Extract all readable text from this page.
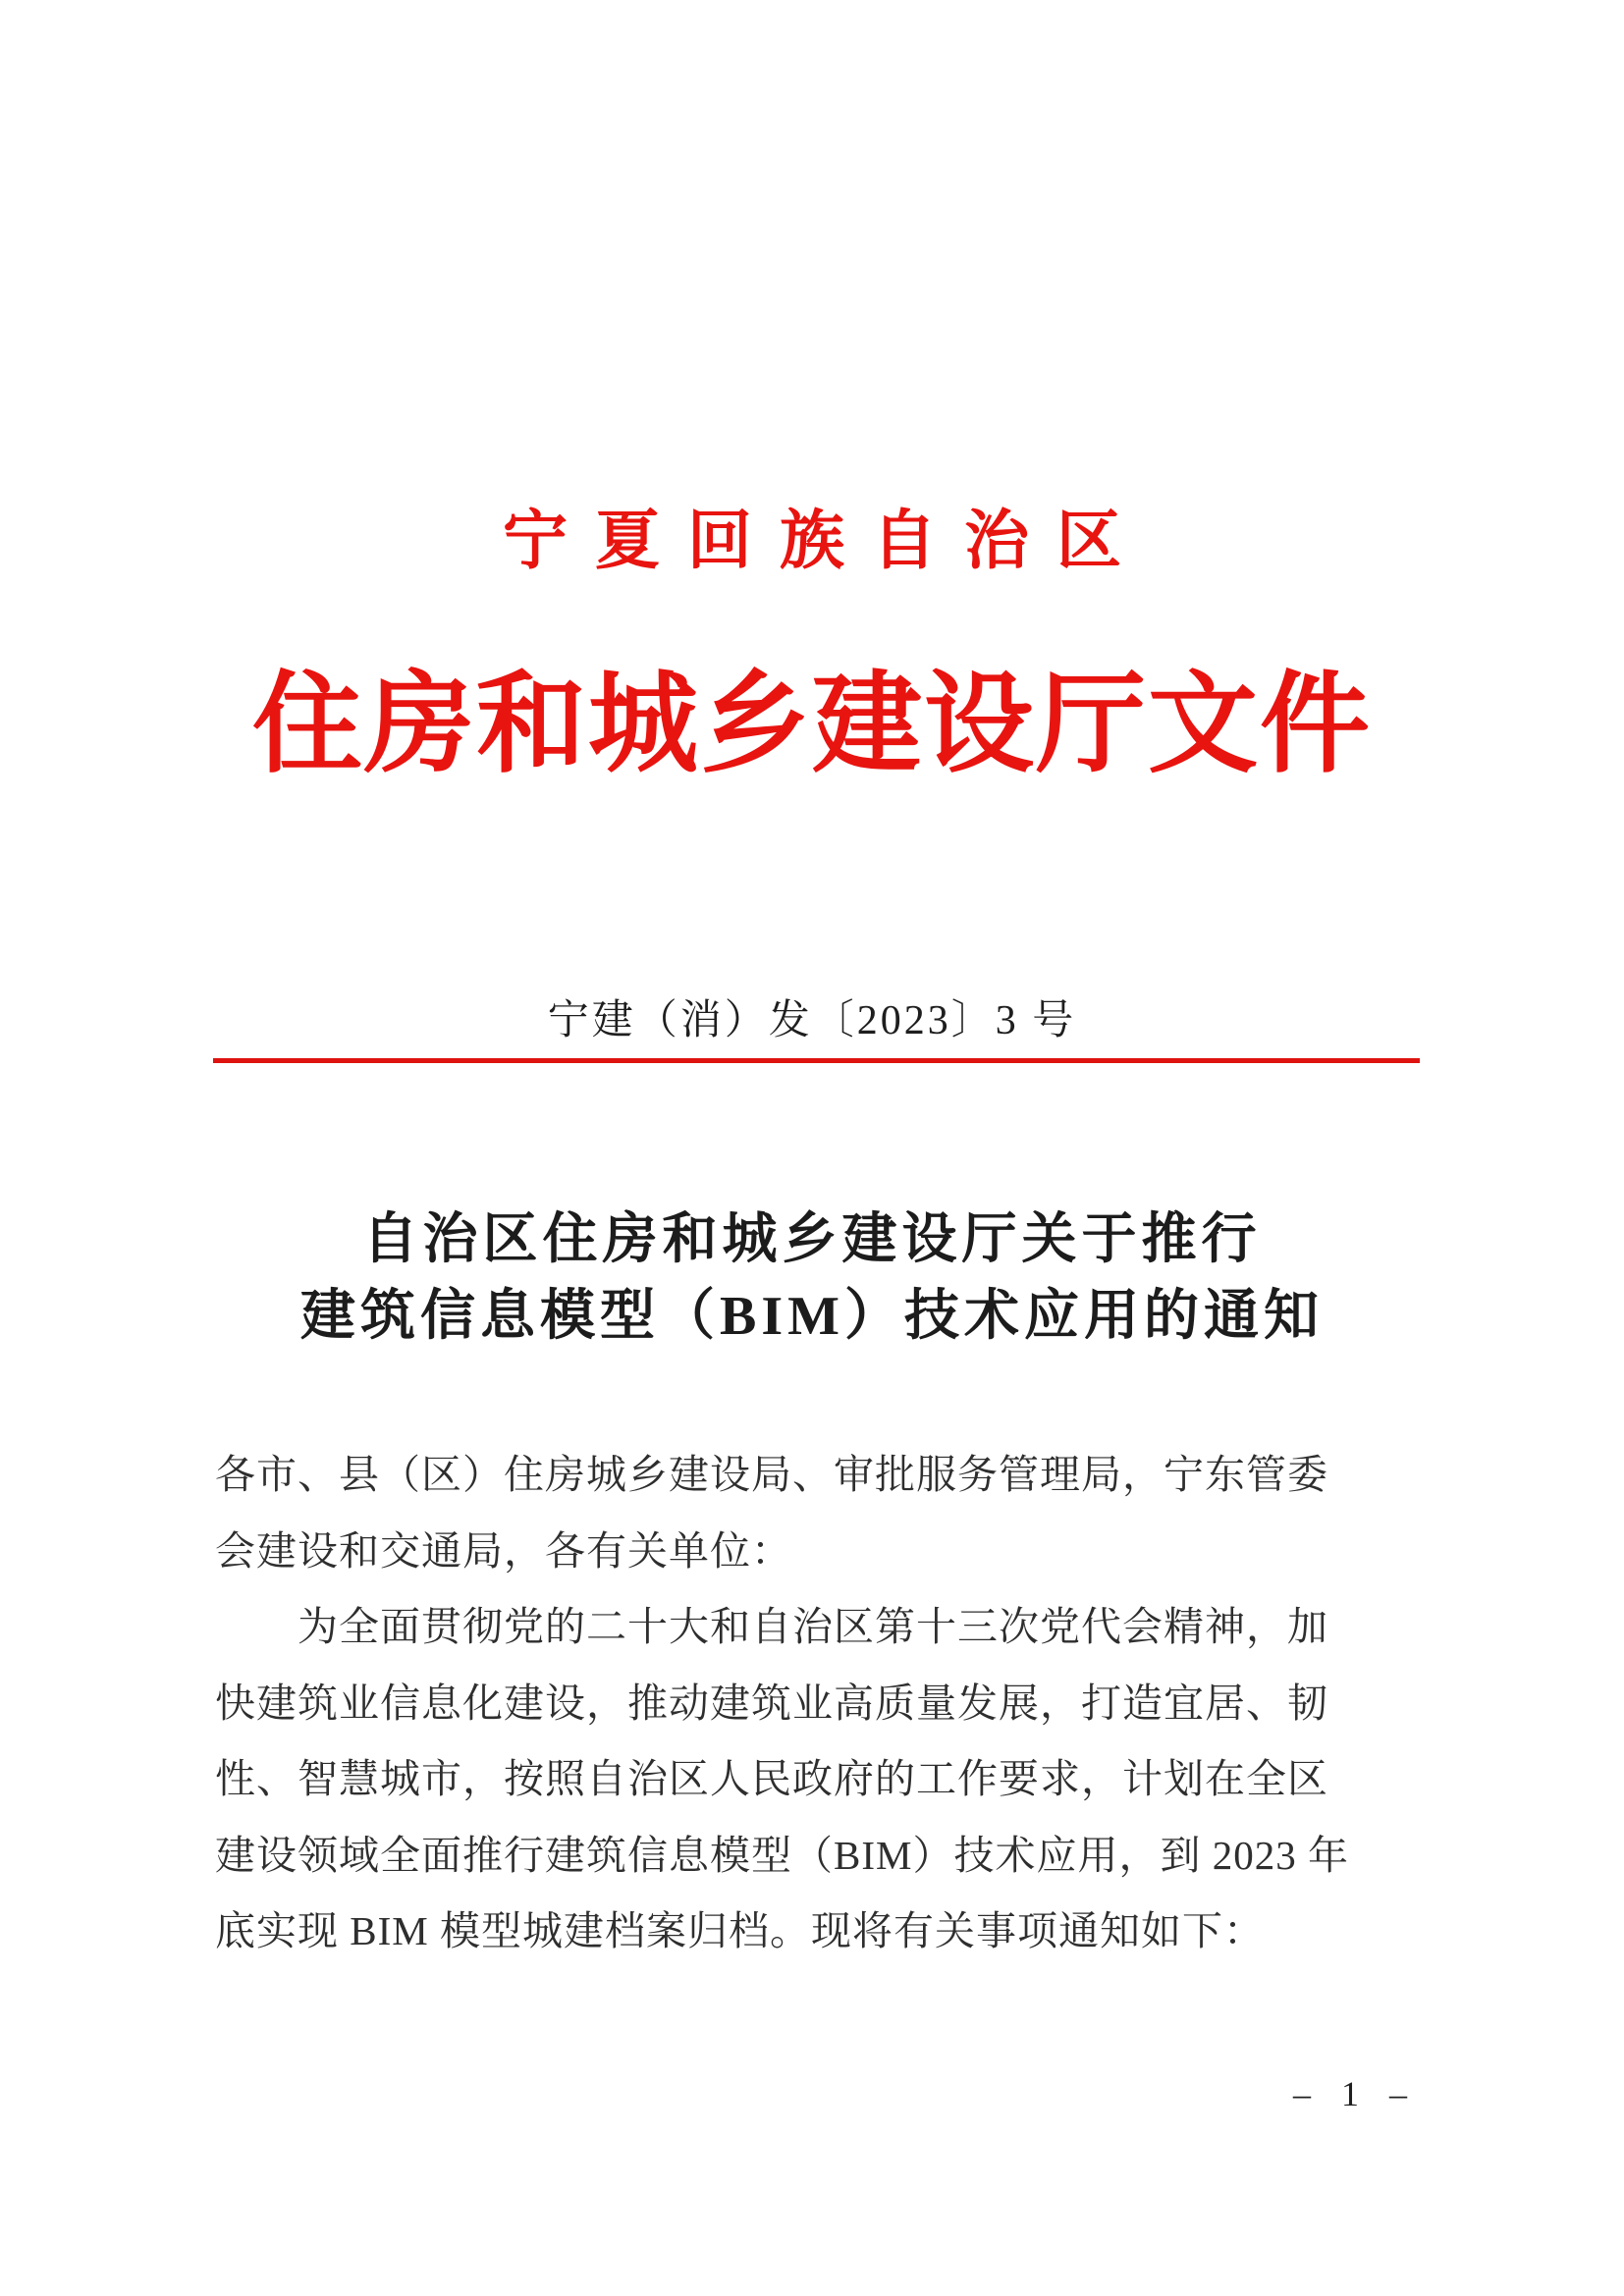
宁夏回族自治区
住房和城乡建设厅文件
宁建（消）发〔2023〕3 号
自治区住房和城乡建设厅关于推行
建筑信息模型（BIM）技术应用的通知
各市、县（区）住房城乡建设局、审批服务管理局，宁东管委
会建设和交通局，各有关单位：
为全面贯彻党的二十大和自治区第十三次党代会精神，加
快建筑业信息化建设，推动建筑业高质量发展，打造宜居、韧
性、智慧城市，按照自治区人民政府的工作要求，计划在全区
建设领域全面推行建筑信息模型（BIM）技术应用，到 2023 年
底实现 BIM 模型城建档案归档。现将有关事项通知如下：
– 1 –
